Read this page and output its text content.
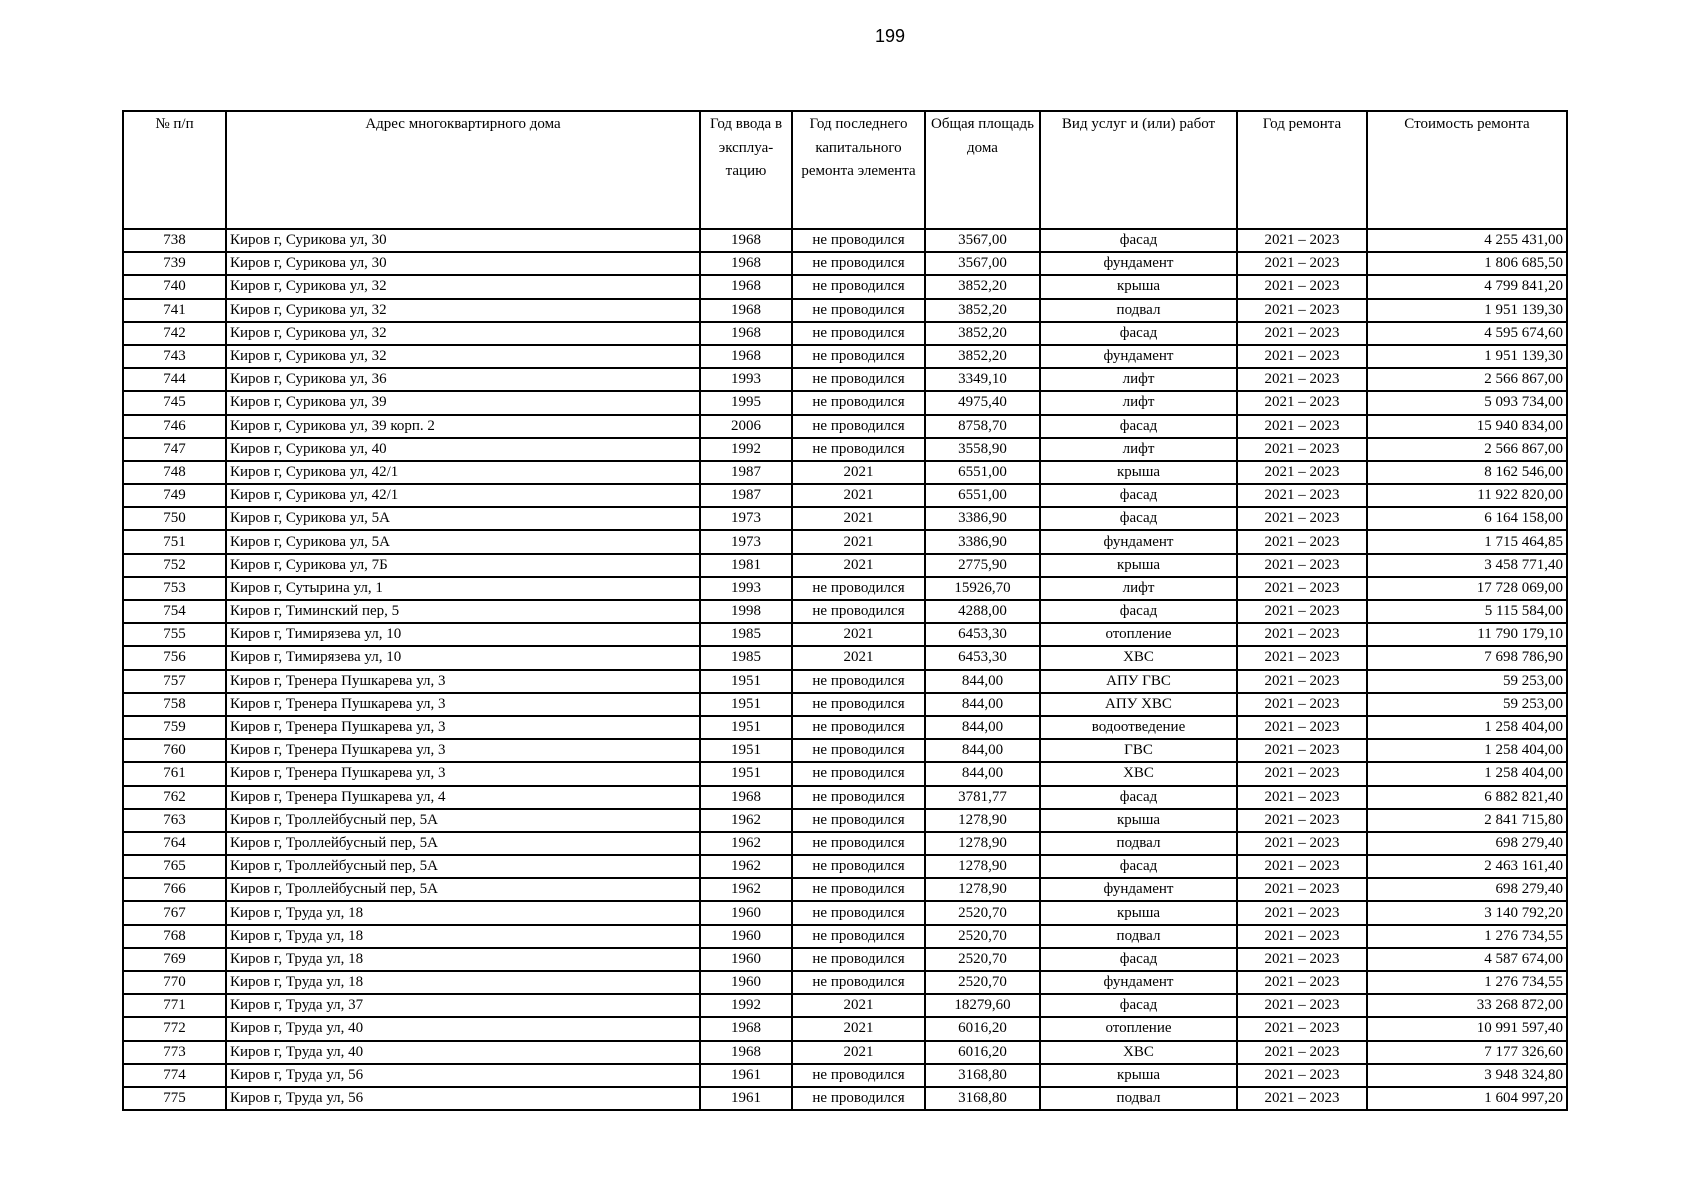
199
№ п/п	Адрес многоквартирного дома	Год ввода в эксплуа-тацию	Год последнего капитального ремонта элемента	Общая площадь дома	Вид услуг и (или) работ	Год ремонта	Стоимость ремонта
738	Киров г, Сурикова ул, 30	1968	не проводился	3567,00	фасад	2021 – 2023	4 255 431,00
739	Киров г, Сурикова ул, 30	1968	не проводился	3567,00	фундамент	2021 – 2023	1 806 685,50
740	Киров г, Сурикова ул, 32	1968	не проводился	3852,20	крыша	2021 – 2023	4 799 841,20
741	Киров г, Сурикова ул, 32	1968	не проводился	3852,20	подвал	2021 – 2023	1 951 139,30
742	Киров г, Сурикова ул, 32	1968	не проводился	3852,20	фасад	2021 – 2023	4 595 674,60
743	Киров г, Сурикова ул, 32	1968	не проводился	3852,20	фундамент	2021 – 2023	1 951 139,30
744	Киров г, Сурикова ул, 36	1993	не проводился	3349,10	лифт	2021 – 2023	2 566 867,00
745	Киров г, Сурикова ул, 39	1995	не проводился	4975,40	лифт	2021 – 2023	5 093 734,00
746	Киров г, Сурикова ул, 39 корп. 2	2006	не проводился	8758,70	фасад	2021 – 2023	15 940 834,00
747	Киров г, Сурикова ул, 40	1992	не проводился	3558,90	лифт	2021 – 2023	2 566 867,00
748	Киров г, Сурикова ул, 42/1	1987	2021	6551,00	крыша	2021 – 2023	8 162 546,00
749	Киров г, Сурикова ул, 42/1	1987	2021	6551,00	фасад	2021 – 2023	11 922 820,00
750	Киров г, Сурикова ул, 5А	1973	2021	3386,90	фасад	2021 – 2023	6 164 158,00
751	Киров г, Сурикова ул, 5А	1973	2021	3386,90	фундамент	2021 – 2023	1 715 464,85
752	Киров г, Сурикова ул, 7Б	1981	2021	2775,90	крыша	2021 – 2023	3 458 771,40
753	Киров г, Сутырина ул, 1	1993	не проводился	15926,70	лифт	2021 – 2023	17 728 069,00
754	Киров г, Тиминский пер, 5	1998	не проводился	4288,00	фасад	2021 – 2023	5 115 584,00
755	Киров г, Тимирязева ул, 10	1985	2021	6453,30	отопление	2021 – 2023	11 790 179,10
756	Киров г, Тимирязева ул, 10	1985	2021	6453,30	ХВС	2021 – 2023	7 698 786,90
757	Киров г, Тренера Пушкарева ул, 3	1951	не проводился	844,00	АПУ ГВС	2021 – 2023	59 253,00
758	Киров г, Тренера Пушкарева ул, 3	1951	не проводился	844,00	АПУ ХВС	2021 – 2023	59 253,00
759	Киров г, Тренера Пушкарева ул, 3	1951	не проводился	844,00	водоотведение	2021 – 2023	1 258 404,00
760	Киров г, Тренера Пушкарева ул, 3	1951	не проводился	844,00	ГВС	2021 – 2023	1 258 404,00
761	Киров г, Тренера Пушкарева ул, 3	1951	не проводился	844,00	ХВС	2021 – 2023	1 258 404,00
762	Киров г, Тренера Пушкарева ул, 4	1968	не проводился	3781,77	фасад	2021 – 2023	6 882 821,40
763	Киров г, Троллейбусный пер, 5А	1962	не проводился	1278,90	крыша	2021 – 2023	2 841 715,80
764	Киров г, Троллейбусный пер, 5А	1962	не проводился	1278,90	подвал	2021 – 2023	698 279,40
765	Киров г, Троллейбусный пер, 5А	1962	не проводился	1278,90	фасад	2021 – 2023	2 463 161,40
766	Киров г, Троллейбусный пер, 5А	1962	не проводился	1278,90	фундамент	2021 – 2023	698 279,40
767	Киров г, Труда ул, 18	1960	не проводился	2520,70	крыша	2021 – 2023	3 140 792,20
768	Киров г, Труда ул, 18	1960	не проводился	2520,70	подвал	2021 – 2023	1 276 734,55
769	Киров г, Труда ул, 18	1960	не проводился	2520,70	фасад	2021 – 2023	4 587 674,00
770	Киров г, Труда ул, 18	1960	не проводился	2520,70	фундамент	2021 – 2023	1 276 734,55
771	Киров г, Труда ул, 37	1992	2021	18279,60	фасад	2021 – 2023	33 268 872,00
772	Киров г, Труда ул, 40	1968	2021	6016,20	отопление	2021 – 2023	10 991 597,40
773	Киров г, Труда ул, 40	1968	2021	6016,20	ХВС	2021 – 2023	7 177 326,60
774	Киров г, Труда ул, 56	1961	не проводился	3168,80	крыша	2021 – 2023	3 948 324,80
775	Киров г, Труда ул, 56	1961	не проводился	3168,80	подвал	2021 – 2023	1 604 997,20
